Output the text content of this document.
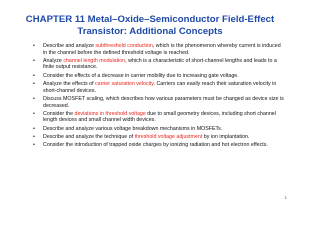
CHAPTER 11 Metal–Oxide–Semiconductor Field-Effect
Transistor: Additional Concepts
•	Describe and analyze subthreshold conduction, which is the phenomenon whereby current is induced in the channel before the defined threshold voltage is reached.
•	Analyze channel length modulation, which is a characteristic of short-channel lengths and leads to a finite output resistance.
•	Consider the effects of a decrease in carrier mobility due to increasing gate voltage.
•	Analyze the effects of carrier saturation velocity. Carriers can easily reach their saturation velocity in short-channel devices.
•	Discuss MOSFET scaling, which describes how various parameters must be changed as device size is decreased.
•	Consider the deviations in threshold voltage due to small geometry devices, including short channel length devices and small channel width devices.
•	Describe and analyze various voltage breakdown mechanisms in MOSFETs.
•	Describe and analyze the technique of threshold voltage adjustment by ion implantation.
•	Consider the introduction of trapped oxide charges by ionizing radiation and hot electron effects.
1
